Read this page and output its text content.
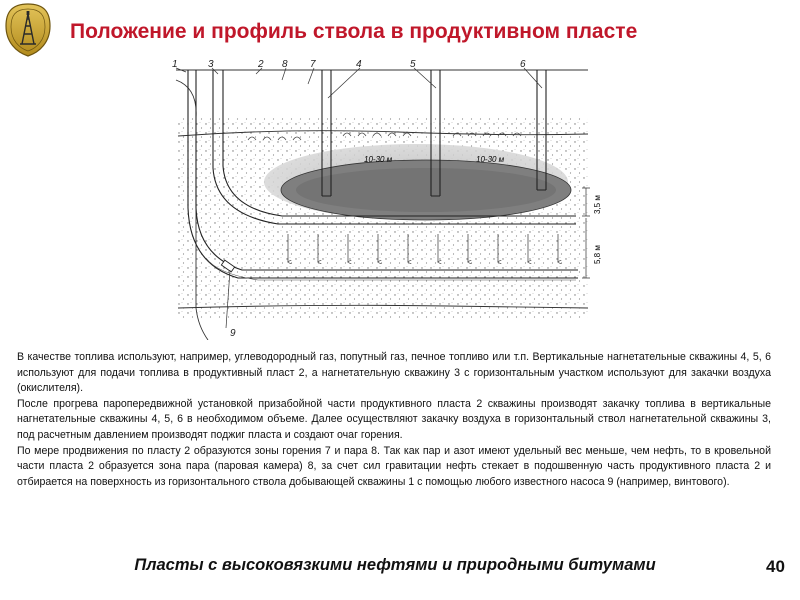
Положение и профиль ствола в продуктивном пласте
3,5 м
5,8 м
10-30 м	10-30 м
1	3	2 8 7	4	5	6
9

В качестве топлива используют, например, углеводородный газ, попутный газ, печное топливо или т.п. Вертикальные нагнетательные скважины 4, 5, 6 используют для подачи топлива в продуктивный пласт 2, а нагнетательную скважину 3 с горизонтальным участком используют для закачки воздуха (окислителя).

После прогрева паропередвижной установкой призабойной части продуктивного пласта 2 скважины производят закачку топлива в вертикальные нагнетательные скважины 4, 5, 6 в необходимом объеме. Далее осуществляют закачку воздуха в горизонтальный ствол нагнетательной скважины 3, под расчетным давлением производят поджиг пласта и создают очаг горения.

По мере продвижения по пласту 2 образуются зоны горения 7 и пара 8. Так как пар и азот имеют удельный вес меньше, чем нефть, то в кровельной части пласта 2 образуется зона пара (паровая камера) 8, за счет сил гравитации нефть стекает в подошвенную часть продуктивного пласта 2 и отбирается на поверхность из горизонтального ствола добывающей скважины 1 с помощью любого известного насоса 9 (например, винтового).

Пласты с высоковязкими нефтями и природными битумами	40
